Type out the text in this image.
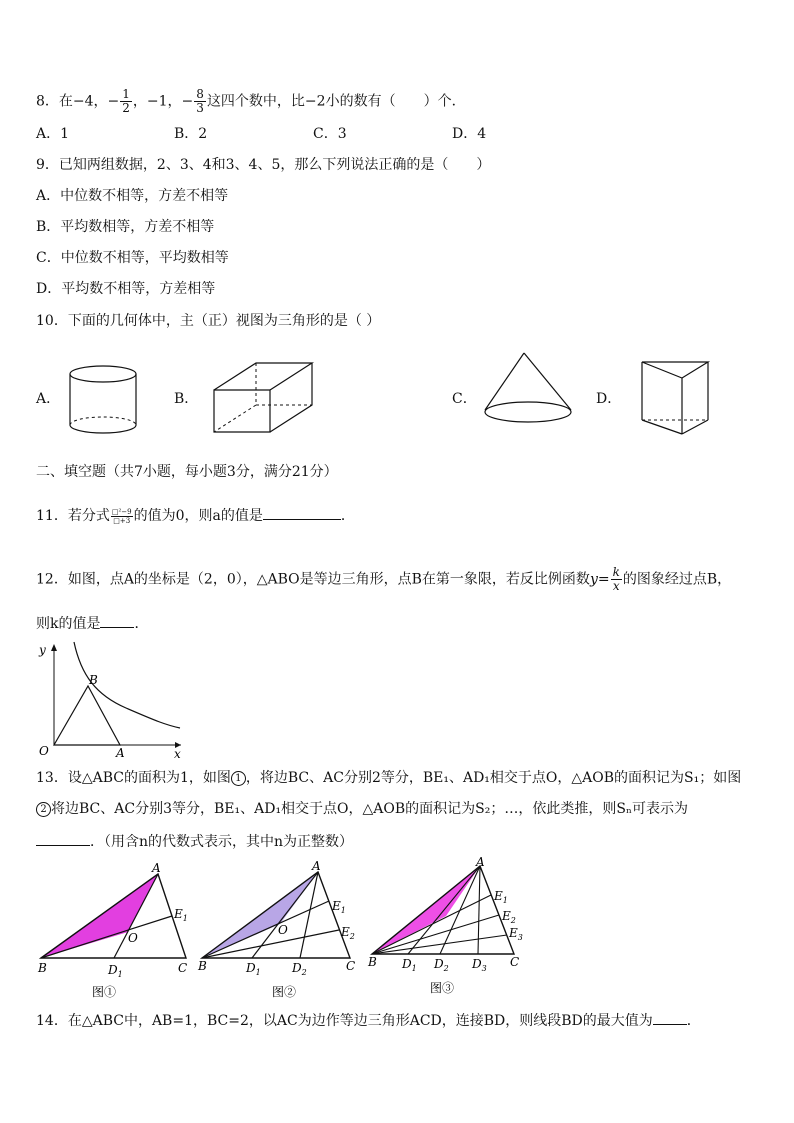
8．在−4，− $\frac{1}{2}$ ，−1，− $\frac{8}{3}$ 这四个数中，比−2小的数有（　　）个．
A．1	B．2	C．3	D．4
9．已知两组数据，2、3、4和3、4、5，那么下列说法正确的是（　　）
A．中位数不相等，方差不相等
B．平均数相等，方差不相等
C．中位数不相等，平均数相等
D．平均数不相等，方差相等
10．下面的几何体中，主（正）视图为三角形的是（ ）
A．	B．	C．	D．
二、填空题（共7小题，每小题3分，满分21分）
11．若分式 $\frac{\text{□²−9}}{□+3}$ 的值为0，则a的值是	．
12．如图，点A的坐标是（2，0），△ABO是等边三角形，点B在第一象限，若反比例函数$y= \frac{k}{x}$ 的图象经过点B，
则k的值是 ．
y
x
O	A
B
13．设△ABC的面积为1，如图 1 ，将边BC、AC分别2等分，BE₁、AD₁相交于点O，△AOB的面积记为S₁；如图
2 将边BC、AC分别3等分，BE₁、AD₁相交于点O，△AOB的面积记为S₂；…，依此类推，则Sₙ可表示为
．（用含n的代数式表示，其中n为正整数）
A
B	C
O
$E_1$
$D_1$
图①
A
B	C
O
$E_1$
$E_2$
$D_1$	$D_2$
图②
A
B	C
$E_1$
$E_2$
$E_3$
$D_1$ $D_2$ $D_3$
图③
14．在△ABC中，AB=1，BC=2，以AC为边作等边三角形ACD，连接BD，则线段BD的最大值为 ．
